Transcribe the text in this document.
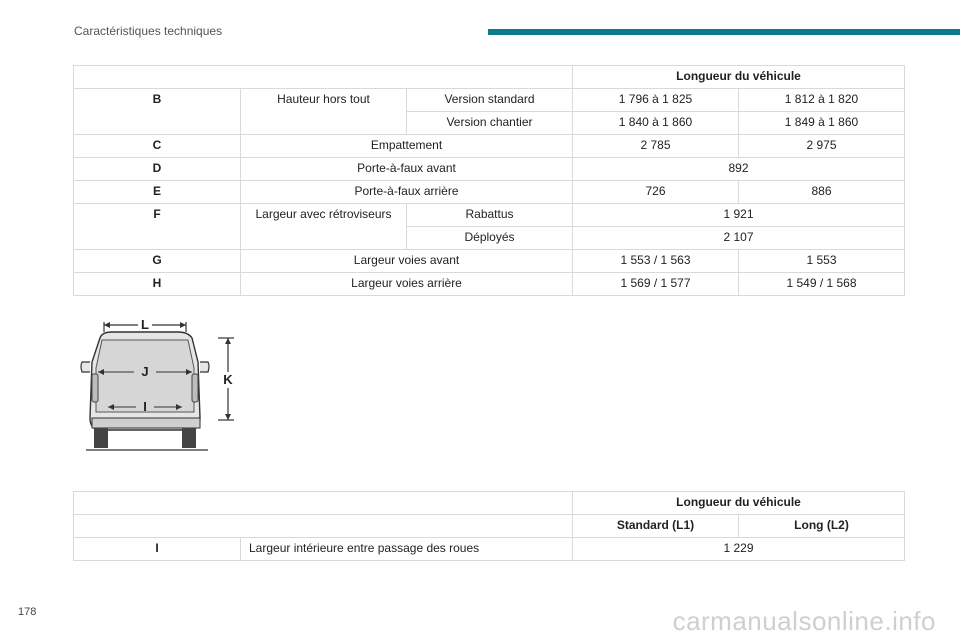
Caractéristiques techniques
			Longueur du véhicule	
B	Hauteur hors tout	Version standard	1 796 à 1 825	1 812 à 1 820
		Version chantier	1 840 à 1 860	1 849 à 1 860
C	Empattement		2 785	2 975
D	Porte-à-faux avant		892	
E	Porte-à-faux arrière		726	886
F	Largeur avec rétroviseurs	Rabattus	1 921	
		Déployés	2 107	
G	Largeur voies avant		1 553 / 1 563	1 553
H	Largeur voies arrière		1 569 / 1 577	1 549 / 1 568
L
J
I
K
		Longueur du véhicule	
		Standard (L1)	Long (L2)
I	Largeur intérieure entre passage des roues	1 229	
178	carmanualsonline.info
